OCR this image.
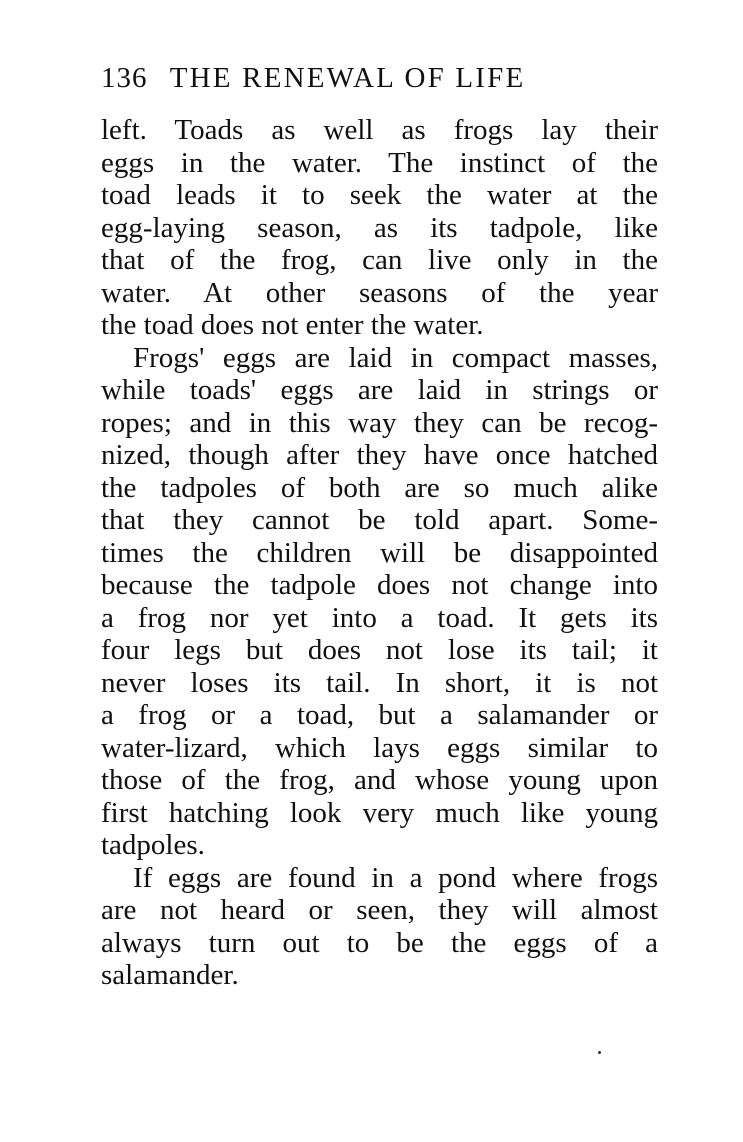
136 THE RENEWAL OF LIFE
left. Toads as well as frogs lay their
eggs in the water. The instinct of the
toad leads it to seek the water at the
egg-laying season, as its tadpole, like
that of the frog, can live only in the
water. At other seasons of the year
the toad does not enter the water.
Frogs' eggs are laid in compact masses,
while toads' eggs are laid in strings or
ropes; and in this way they can be recog-
nized, though after they have once hatched
the tadpoles of both are so much alike
that they cannot be told apart. Some-
times the children will be disappointed
because the tadpole does not change into
a frog nor yet into a toad. It gets its
four legs but does not lose its tail; it
never loses its tail. In short, it is not
a frog or a toad, but a salamander or
water-lizard, which lays eggs similar to
those of the frog, and whose young upon
first hatching look very much like young
tadpoles.
If eggs are found in a pond where frogs
are not heard or seen, they will almost
always turn out to be the eggs of a
salamander.
